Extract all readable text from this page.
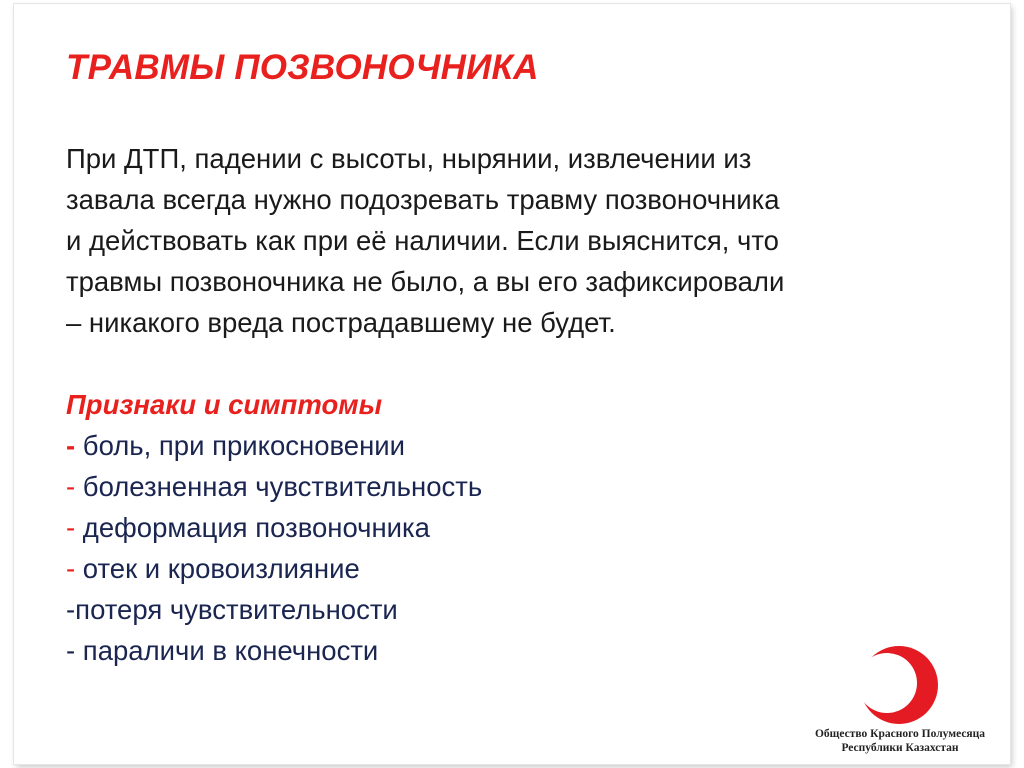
ТРАВМЫ ПОЗВОНОЧНИКА

При ДТП, падении с высоты, нырянии, извлечении из
завала всегда нужно подозревать травму позвоночника
и действовать как при её наличии. Если выяснится, что
травмы позвоночника не было, а вы его зафиксировали
– никакого вреда пострадавшему не будет.

Признаки и симптомы
- боль, при прикосновении
- болезненная чувствительность
- деформация позвоночника
- отек и кровоизлияние
-потеря чувствительности
- параличи в конечности
Общество Красного Полумесяца
Республики Казахстан
